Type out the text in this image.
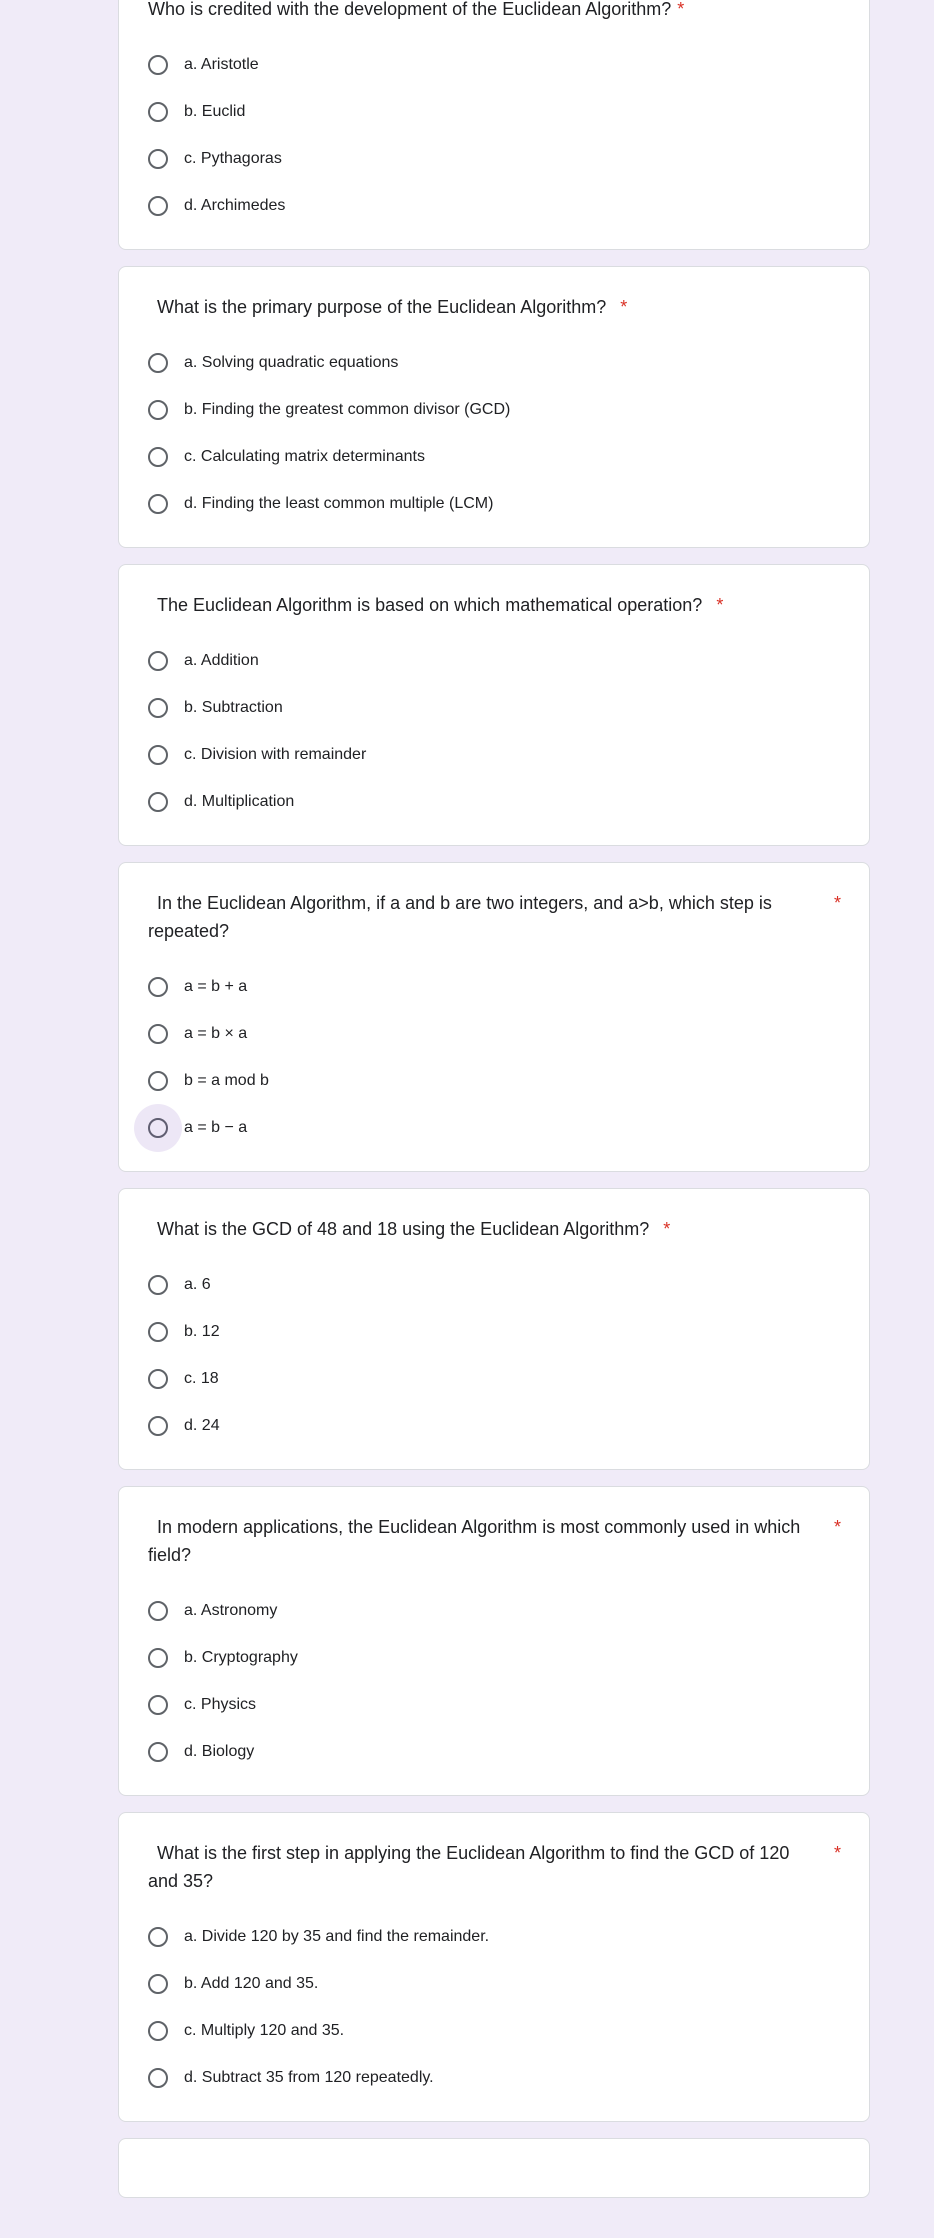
Who is credited with the development of the Euclidean Algorithm? *
a. Aristotle
b. Euclid
c. Pythagoras
d. Archimedes
What is the primary purpose of the Euclidean Algorithm? *
a. Solving quadratic equations
b. Finding the greatest common divisor (GCD)
c. Calculating matrix determinants
d. Finding the least common multiple (LCM)
The Euclidean Algorithm is based on which mathematical operation? *
a. Addition
b. Subtraction
c. Division with remainder
d. Multiplication
In the Euclidean Algorithm, if a and b are two integers, and a>b, which step is repeated?
*
a = b + a
a = b × a
b = a mod b
a = b − a
What is the GCD of 48 and 18 using the Euclidean Algorithm? *
a. 6
b. 12
c. 18
d. 24
In modern applications, the Euclidean Algorithm is most commonly used in which field?
*
a. Astronomy
b. Cryptography
c. Physics
d. Biology
What is the first step in applying the Euclidean Algorithm to find the GCD of 120 and 35?
*
a. Divide 120 by 35 and find the remainder.
b. Add 120 and 35.
c. Multiply 120 and 35.
d. Subtract 35 from 120 repeatedly.
